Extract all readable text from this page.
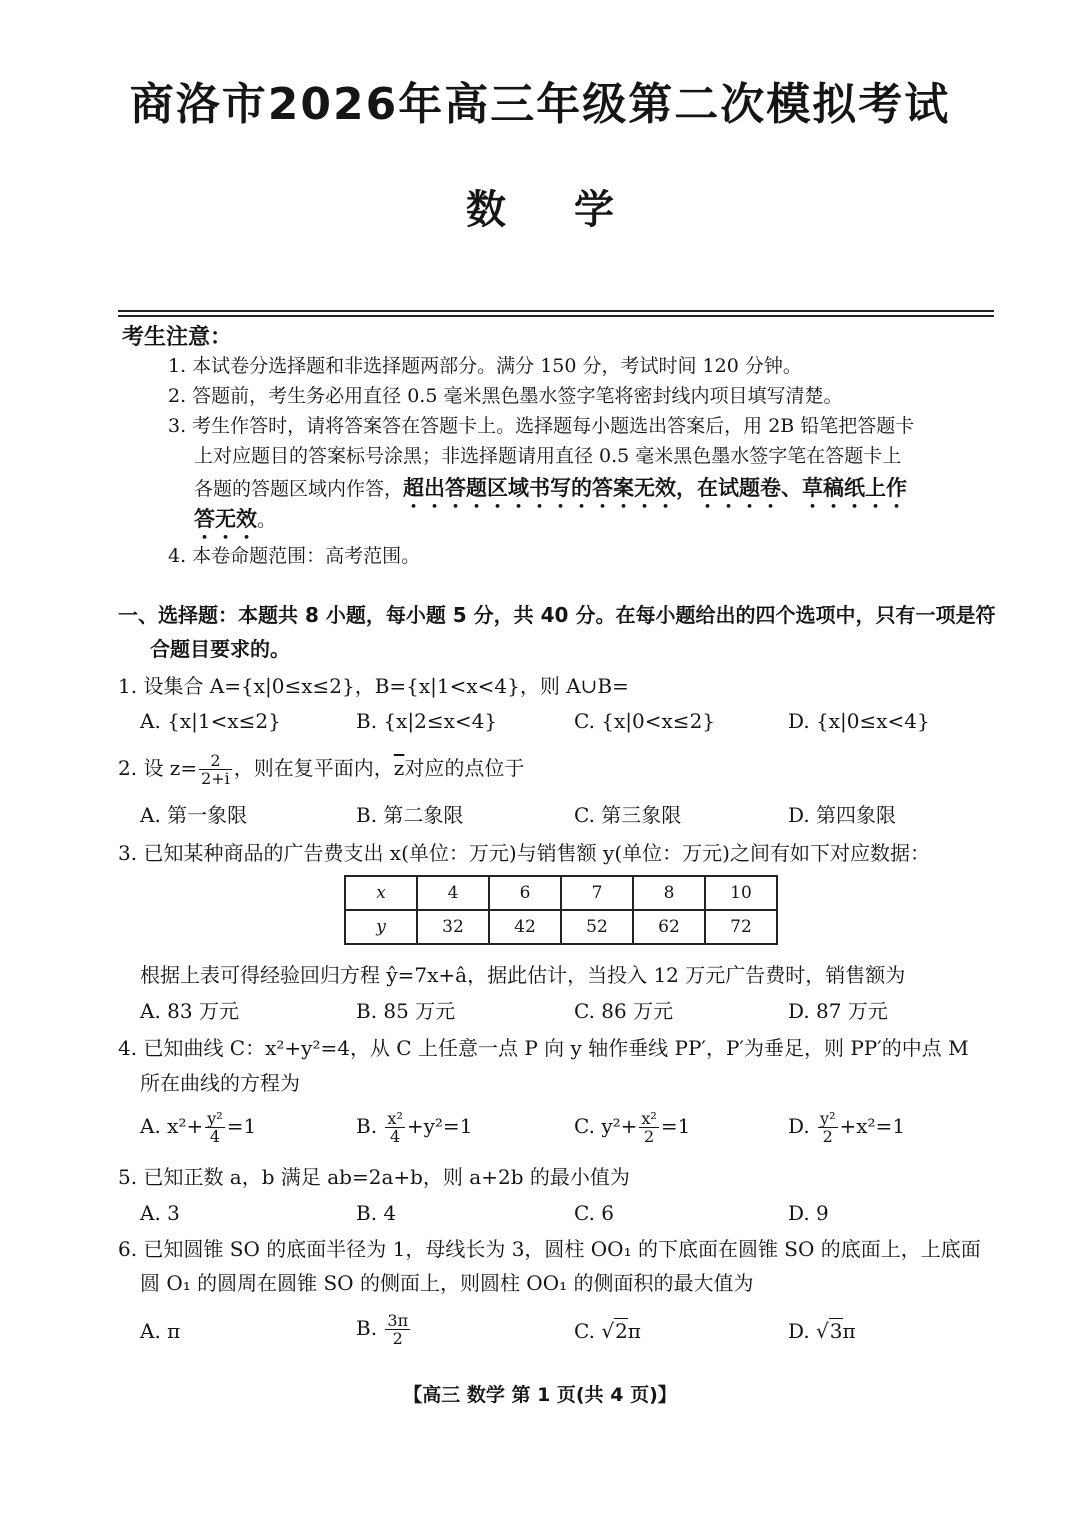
商洛市2026年高三年级第二次模拟考试
数学
考生注意：
1. 本试卷分选择题和非选择题两部分。满分 150 分，考试时间 120 分钟。
2. 答题前，考生务必用直径 0.5 毫米黑色墨水签字笔将密封线内项目填写清楚。
3. 考生作答时，请将答案答在答题卡上。选择题每小题选出答案后，用 2B 铅笔把答题卡
上对应题目的答案标号涂黑；非选择题请用直径 0.5 毫米黑色墨水签字笔在答题卡上
各题的答题区域内作答，超出答题区域书写的答案无效，在试题卷、草稿纸上作
答无效。
4. 本卷命题范围：高考范围。
一、选择题：本题共 8 小题，每小题 5 分，共 40 分。在每小题给出的四个选项中，只有一项是符
合题目要求的。
1. 设集合 A={x|0≤x≤2}，B={x|1<x<4}，则 A∪B=
A. {x|1<x≤2}	B. {x|2≤x<4}	C. {x|0<x≤2}	D. {x|0≤x<4}
2. 设 $z= \frac{2}{2+i}$ ，则在复平面内，$\overline{z}$对应的点位于
A. 第一象限	B. 第二象限	C. 第三象限	D. 第四象限
3. 已知某种商品的广告费支出 x(单位：万元)与销售额 y(单位：万元)之间有如下对应数据：
x	4	6	7	8	10
y	32	42	52	62	72
根据上表可得经验回归方程 ŷ=7x+â，据此估计，当投入 12 万元广告费时，销售额为
A. 83 万元	B. 85 万元	C. 86 万元	D. 87 万元
4. 已知曲线 C：x²+y²=4，从 C 上任意一点 P 向 y 轴作垂线 PP′，P′为垂足，则 PP′的中点 M
所在曲线的方程为
A. $x^2+ \frac{\text{y²}}{4} =1$	B. $\frac{\text{x²}}{4} +y^2=1$	C. $y^2+ \frac{\text{x²}}{2} =1$	D. $\frac{\text{y²}}{2} +x^2=1$
5. 已知正数 a，b 满足 ab=2a+b，则 a+2b 的最小值为
A. 3	B. 4	C. 6	D. 9
6. 已知圆锥 SO 的底面半径为 1，母线长为 3，圆柱 OO₁ 的下底面在圆锥 SO 的底面上，上底面
圆 O₁ 的圆周在圆锥 SO 的侧面上，则圆柱 OO₁ 的侧面积的最大值为
A. π	B. $\frac{3\pi}{2}$	C. √2π	D. √3π
【高三 数学 第 1 页(共 4 页)】
